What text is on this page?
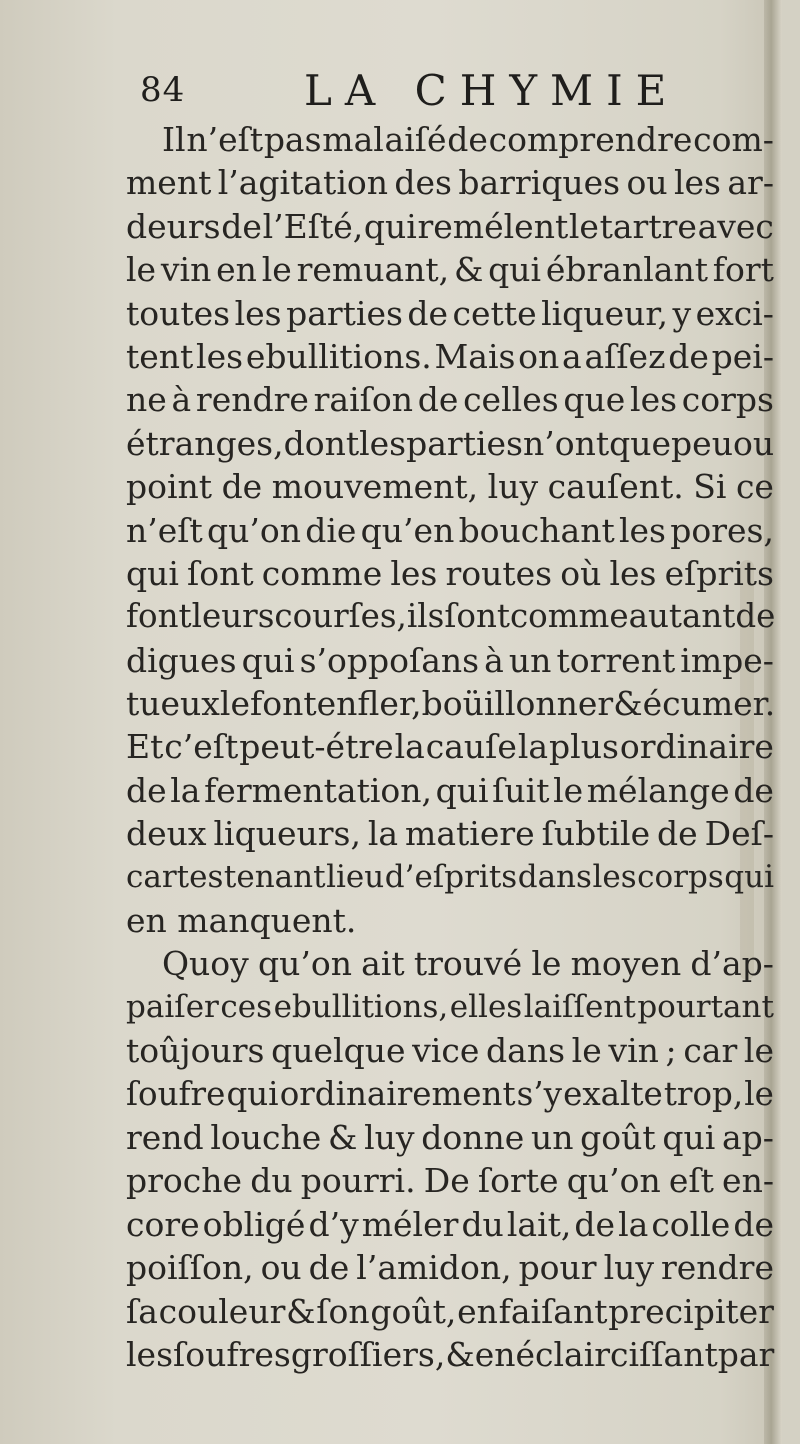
84	LA CHYMIE
Il n’eſt pas mal aiſé de comprendre com-
ment l’agitation des barriques ou les ar-
deurs de l’Eſté, qui remélent le tartre avec
le vin en le remuant, & qui ébranlant fort
toutes les parties de cette liqueur, y exci-
tent les ebullitions. Mais on a aſſez de pei-
ne à rendre raiſon de celles que les corps
étranges, dont les parties n’ont que peu ou
point de mouvement, luy cauſent. Si ce
n’eſt qu’on die qu’en bouchant les pores,
qui ſont comme les routes où les eſprits
font leurs courſes, ils ſont comme autant de
digues qui s’oppoſans à un torrent impe-
tueux le font enfler, boüillonner & écumer.
Et c’eſt peut-étre la cauſe la plus ordinaire
de la fermentation, qui ſuit le mélange de
deux liqueurs, la matiere ſubtile de Deſ-
cartes tenant lieu d’eſprits dans les corps qui
en manquent.
Quoy qu’on ait trouvé le moyen d’ap-
paiſer ces ebullitions, elles laiſſent pourtant
toûjours quelque vice dans le vin ; car le
ſoufre qui ordinairement s’y exalte trop, le
rend louche & luy donne un goût qui ap-
proche du pourri. De ſorte qu’on eſt en-
core obligé d’y méler du lait, de la colle de
poiſſon, ou de l’amidon, pour luy rendre
ſa couleur & ſon goût, en faiſant precipiter
les ſoufres groſſiers, & en éclairciſſant par
